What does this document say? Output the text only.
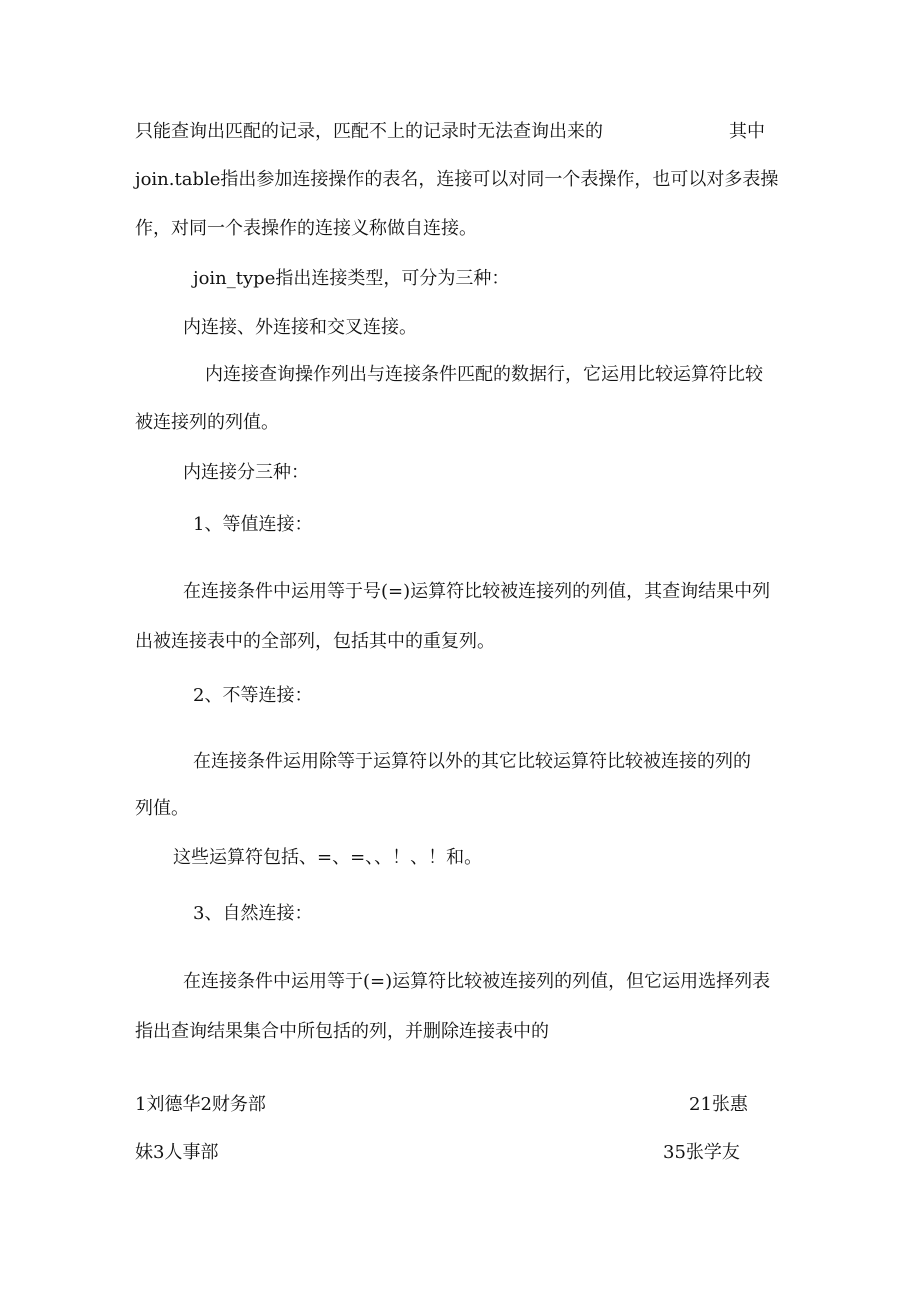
只能查询出匹配的记录，匹配不上的记录时无法查询出来的	其中
join.table指出参加连接操作的表名，连接可以对同一个表操作，也可以对多表操
作，对同一个表操作的连接义称做自连接。
join_type指出连接类型，可分为三种：
内连接、外连接和交叉连接。
内连接查询操作列出与连接条件匹配的数据行，它运用比较运算符比较
被连接列的列值。
内连接分三种：
1、等值连接：
在连接条件中运用等于号(=)运算符比较被连接列的列值，其查询结果中列
出被连接表中的全部列，包括其中的重复列。
2、不等连接：
在连接条件运用除等于运算符以外的其它比较运算符比较被连接的列的
列值。
这些运算符包括、=、=、、！、！和。
3、自然连接：
在连接条件中运用等于(=)运算符比较被连接列的列值，但它运用选择列表
指出查询结果集合中所包括的列，并删除连接表中的
1刘德华2财务部	21张惠
妹3人事部	35张学友
